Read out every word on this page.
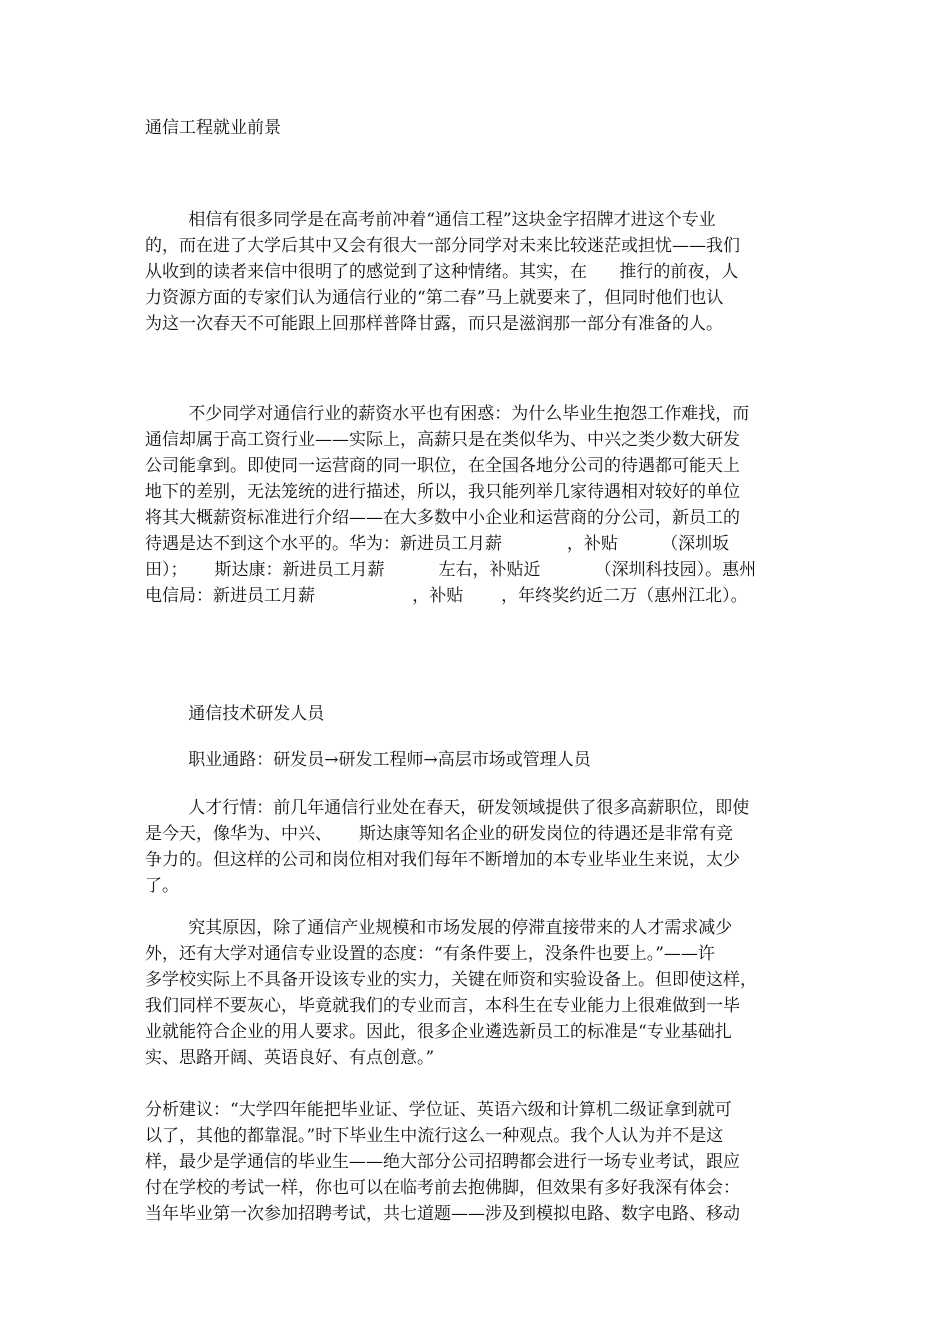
通信工程就业前景
相信有很多同学是在高考前冲着“通信工程”这块金字招牌才进这个专业
的，而在进了大学后其中又会有很大一部分同学对未来比较迷茫或担忧——我们
从收到的读者来信中很明了的感觉到了这种情绪。其实，在      推行的前夜，人
力资源方面的专家们认为通信行业的“第二春”马上就要来了，但同时他们也认
为这一次春天不可能跟上回那样普降甘露，而只是滋润那一部分有准备的人。
不少同学对通信行业的薪资水平也有困惑：为什么毕业生抱怨工作难找，而
通信却属于高工资行业——实际上，高薪只是在类似华为、中兴之类少数大研发
公司能拿到。即使同一运营商的同一职位，在全国各地分公司的待遇都可能天上
地下的差别，无法笼统的进行描述，所以，我只能列举几家待遇相对较好的单位
将其大概薪资标准进行介绍——在大多数中小企业和运营商的分公司，新员工的
待遇是达不到这个水平的。华为：新进员工月薪            ，补贴        （深圳坂
田）；     斯达康：新进员工月薪          左右，补贴近          （深圳科技园）。惠州
电信局：新进员工月薪                  ，补贴       ，年终奖约近二万（惠州江北）。
通信技术研发人员
职业通路：研发员→研发工程师→高层市场或管理人员
人才行情：前几年通信行业处在春天，研发领域提供了很多高薪职位，即使
是今天，像华为、中兴、     斯达康等知名企业的研发岗位的待遇还是非常有竞
争力的。但这样的公司和岗位相对我们每年不断增加的本专业毕业生来说，太少
了。
究其原因，除了通信产业规模和市场发展的停滞直接带来的人才需求减少
外，还有大学对通信专业设置的态度：“有条件要上，没条件也要上。”——许
多学校实际上不具备开设该专业的实力，关键在师资和实验设备上。但即使这样，
我们同样不要灰心，毕竟就我们的专业而言，本科生在专业能力上很难做到一毕
业就能符合企业的用人要求。因此，很多企业遴选新员工的标准是“专业基础扎
实、思路开阔、英语良好、有点创意。”
分析建议：“大学四年能把毕业证、学位证、英语六级和计算机二级证拿到就可
以了，其他的都靠混。”时下毕业生中流行这么一种观点。我个人认为并不是这
样，最少是学通信的毕业生——绝大部分公司招聘都会进行一场专业考试，跟应
付在学校的考试一样，你也可以在临考前去抱佛脚，但效果有多好我深有体会：
当年毕业第一次参加招聘考试，共七道题——涉及到模拟电路、数字电路、移动
